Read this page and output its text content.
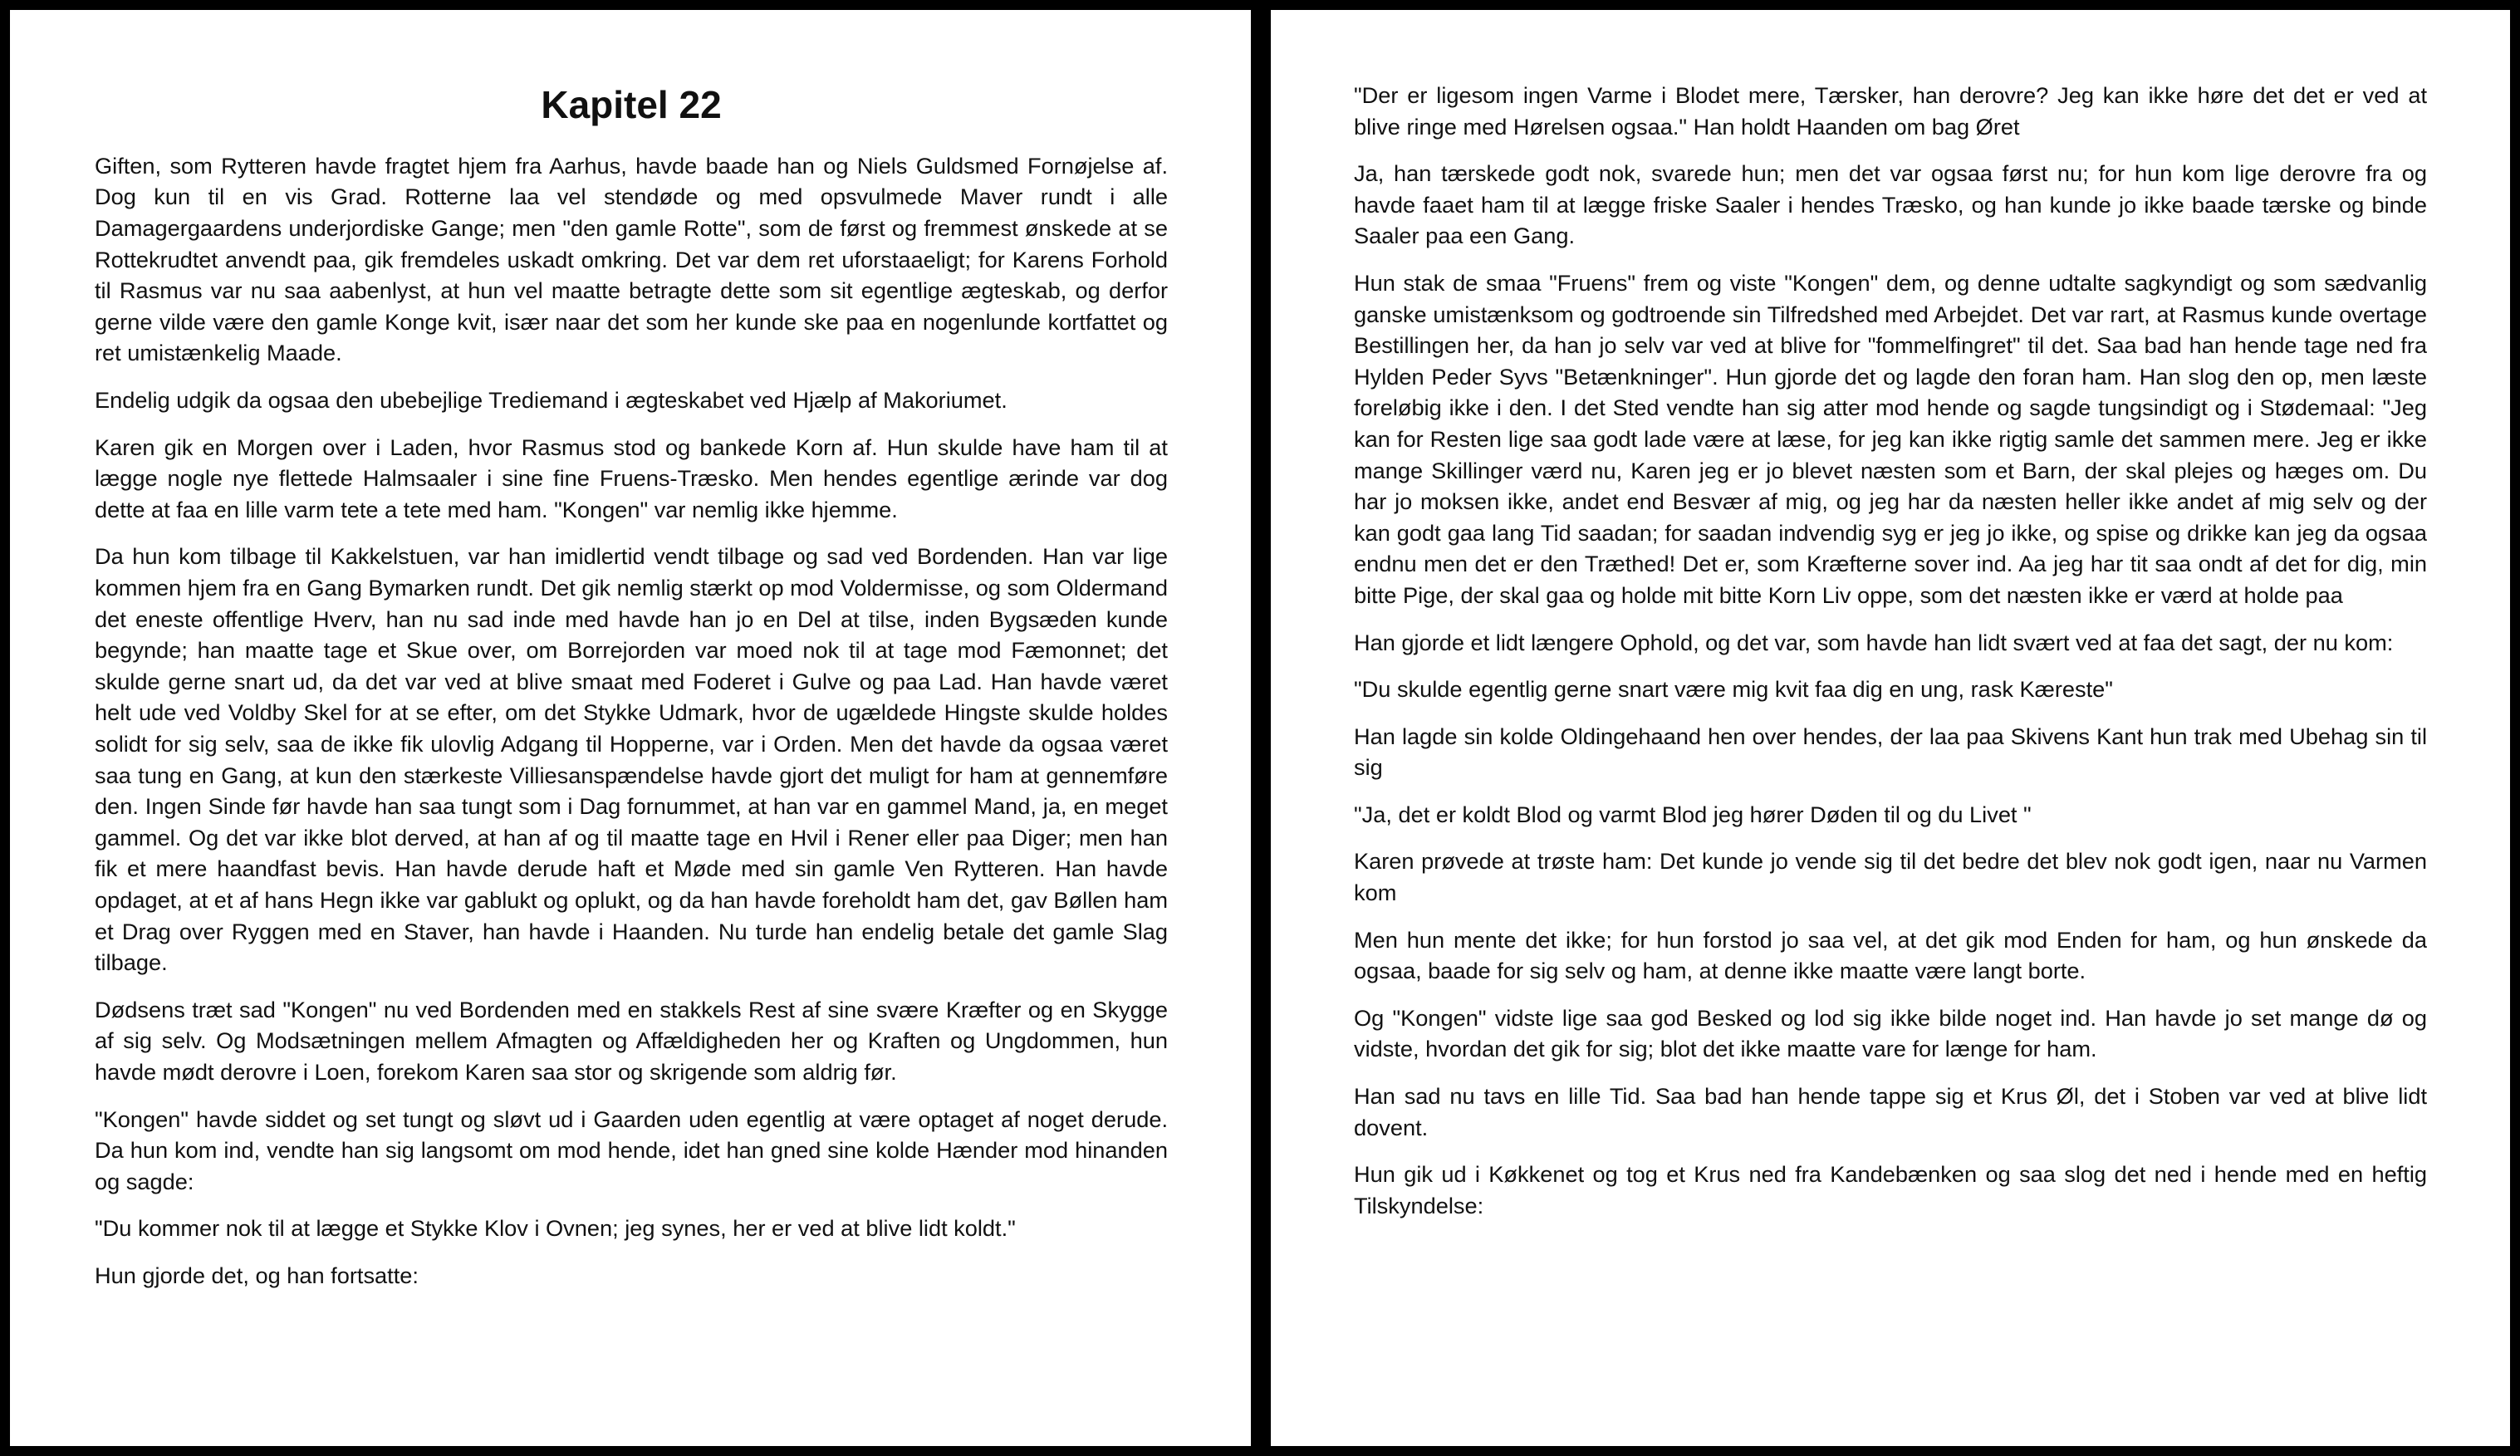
Kapitel 22

Giften, som Rytteren havde fragtet hjem fra Aarhus, havde baade han og Niels Guldsmed Fornøjelse af. Dog kun til en vis Grad. Rotterne laa vel stendøde og med opsvulmede Maver rundt i alle Damagergaardens underjordiske Gange; men "den gamle Rotte", som de først og fremmest ønskede at se Rottekrudtet anvendt paa, gik fremdeles uskadt omkring. Det var dem ret uforstaaeligt; for Karens Forhold til Rasmus var nu saa aabenlyst, at hun vel maatte betragte dette som sit egentlige ægteskab, og derfor gerne vilde være den gamle Konge kvit, især naar det som her kunde ske paa en nogenlunde kortfattet og ret umistænkelig Maade.

Endelig udgik da ogsaa den ubebejlige Trediemand i ægteskabet ved Hjælp af Makoriumet.

Karen gik en Morgen over i Laden, hvor Rasmus stod og bankede Korn af. Hun skulde have ham til at lægge nogle nye flettede Halmsaaler i sine fine Fruens-Træsko. Men hendes egentlige ærinde var dog dette at faa en lille varm tete a tete med ham. "Kongen" var nemlig ikke hjemme.

Da hun kom tilbage til Kakkelstuen, var han imidlertid vendt tilbage og sad ved Bordenden. Han var lige kommen hjem fra en Gang Bymarken rundt. Det gik nemlig stærkt op mod Voldermisse, og som Oldermand det eneste offentlige Hverv, han nu sad inde med havde han jo en Del at tilse, inden Bygsæden kunde begynde; han maatte tage et Skue over, om Borrejorden var moed nok til at tage mod Fæmonnet; det skulde gerne snart ud, da det var ved at blive smaat med Foderet i Gulve og paa Lad. Han havde været helt ude ved Voldby Skel for at se efter, om det Stykke Udmark, hvor de ugældede Hingste skulde holdes solidt for sig selv, saa de ikke fik ulovlig Adgang til Hopperne, var i Orden. Men det havde da ogsaa været saa tung en Gang, at kun den stærkeste Villiesanspændelse havde gjort det muligt for ham at gennemføre den. Ingen Sinde før havde han saa tungt som i Dag fornummet, at han var en gammel Mand, ja, en meget gammel. Og det var ikke blot derved, at han af og til maatte tage en Hvil i Rener eller paa Diger; men han fik et mere haandfast bevis. Han havde derude haft et Møde med sin gamle Ven Rytteren. Han havde opdaget, at et af hans Hegn ikke var gablukt og oplukt, og da han havde foreholdt ham det, gav Bøllen ham et Drag over Ryggen med en Staver, han havde i Haanden. Nu turde han endelig betale det gamle Slag tilbage.

Dødsens træt sad "Kongen" nu ved Bordenden med en stakkels Rest af sine svære Kræfter og en Skygge af sig selv. Og Modsætningen mellem Afmagten og Affældigheden her og Kraften og Ungdommen, hun havde mødt derovre i Loen, forekom Karen saa stor og skrigende som aldrig før.

"Kongen" havde siddet og set tungt og sløvt ud i Gaarden uden egentlig at være optaget af noget derude. Da hun kom ind, vendte han sig langsomt om mod hende, idet han gned sine kolde Hænder mod hinanden og sagde:

"Du kommer nok til at lægge et Stykke Klov i Ovnen; jeg synes, her er ved at blive lidt koldt."

Hun gjorde det, og han fortsatte:

"Der er ligesom ingen Varme i Blodet mere, Tærsker, han derovre? Jeg kan ikke høre det det er ved at blive ringe med Hørelsen ogsaa." Han holdt Haanden om bag Øret

Ja, han tærskede godt nok, svarede hun; men det var ogsaa først nu; for hun kom lige derovre fra og havde faaet ham til at lægge friske Saaler i hendes Træsko, og han kunde jo ikke baade tærske og binde Saaler paa een Gang.

Hun stak de smaa "Fruens" frem og viste "Kongen" dem, og denne udtalte sagkyndigt og som sædvanlig ganske umistænksom og godtroende sin Tilfredshed med Arbejdet. Det var rart, at Rasmus kunde overtage Bestillingen her, da han jo selv var ved at blive for "fommelfingret" til det. Saa bad han hende tage ned fra Hylden Peder Syvs "Betænkninger". Hun gjorde det og lagde den foran ham. Han slog den op, men læste foreløbig ikke i den. I det Sted vendte han sig atter mod hende og sagde tungsindigt og i Stødemaal: "Jeg kan for Resten lige saa godt lade være at læse, for jeg kan ikke rigtig samle det sammen mere. Jeg er ikke mange Skillinger værd nu, Karen jeg er jo blevet næsten som et Barn, der skal plejes og hæges om. Du har jo moksen ikke, andet end Besvær af mig, og jeg har da næsten heller ikke andet af mig selv og der kan godt gaa lang Tid saadan; for saadan indvendig syg er jeg jo ikke, og spise og drikke kan jeg da ogsaa endnu men det er den Træthed! Det er, som Kræfterne sover ind. Aa jeg har tit saa ondt af det for dig, min bitte Pige, der skal gaa og holde mit bitte Korn Liv oppe, som det næsten ikke er værd at holde paa

Han gjorde et lidt længere Ophold, og det var, som havde han lidt svært ved at faa det sagt, der nu kom:

"Du skulde egentlig gerne snart være mig kvit faa dig en ung, rask Kæreste"

Han lagde sin kolde Oldingehaand hen over hendes, der laa paa Skivens Kant hun trak med Ubehag sin til sig

"Ja, det er koldt Blod og varmt Blod jeg hører Døden til og du Livet "

Karen prøvede at trøste ham: Det kunde jo vende sig til det bedre det blev nok godt igen, naar nu Varmen kom

Men hun mente det ikke; for hun forstod jo saa vel, at det gik mod Enden for ham, og hun ønskede da ogsaa, baade for sig selv og ham, at denne ikke maatte være langt borte.

Og "Kongen" vidste lige saa god Besked og lod sig ikke bilde noget ind. Han havde jo set mange dø og vidste, hvordan det gik for sig; blot det ikke maatte vare for længe for ham.

Han sad nu tavs en lille Tid. Saa bad han hende tappe sig et Krus Øl, det i Stoben var ved at blive lidt dovent.

Hun gik ud i Køkkenet og tog et Krus ned fra Kandebænken og saa slog det ned i hende med en heftig Tilskyndelse:
